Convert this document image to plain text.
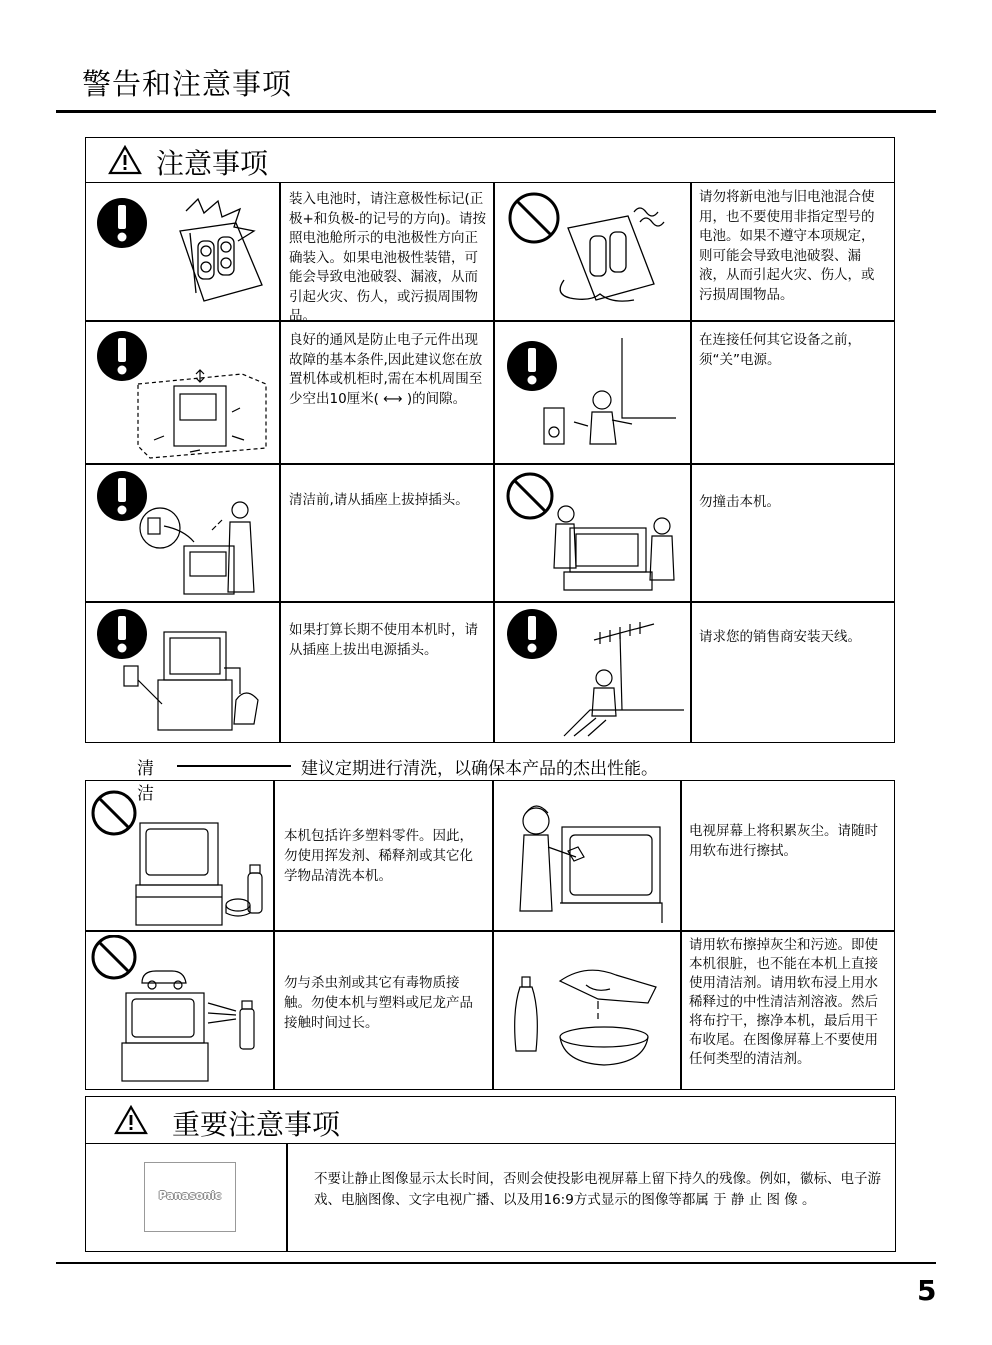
警告和注意事项
注意事项
装入电池时，请注意极性标记(正极+和负极-的记号的方向)。请按照电池舱所示的电池极性方向正确装入。如果电池极性装错，可能会导致电池破裂、漏液，从而引起火灾、伤人，或污损周围物品。
请勿将新电池与旧电池混合使用，也不要使用非指定型号的电池。如果不遵守本项规定，则可能会导致电池破裂、漏液，从而引起火灾、伤人，或污损周围物品。
良好的通风是防止电子元件出现故障的基本条件,因此建议您在放置机体或机柜时,需在本机周围至少空出10厘米( ⟷ )的间隙。
在连接任何其它设备之前，须“关”电源。
清洁前,请从插座上拔掉插头。	勿撞击本机。
如果打算长期不使用本机时，请从插座上拔出电源插头。
请求您的销售商安装天线。
清洁
建议定期进行清洗，以确保本产品的杰出性能。
本机包括许多塑料零件。因此，勿使用挥发剂、稀释剂或其它化学物品清洗本机。
电视屏幕上将积累灰尘。请随时用软布进行擦拭。
勿与杀虫剂或其它有毒物质接触。勿使本机与塑料或尼龙产品接触时间过长。
请用软布擦掉灰尘和污迹。即使本机很脏，也不能在本机上直接使用清洁剂。请用软布浸上用水稀释过的中性清洁剂溶液。然后将布拧干，擦净本机，最后用干布收尾。在图像屏幕上不要使用任何类型的清洁剂。
重要注意事项
Panasonic
不要让静止图像显示太长时间，否则会使投影电视屏幕上留下持久的残像。例如，徽标、电子游戏、电脑图像、文字电视广播、以及用16:9方式显示的图像等都属 于 静 止 图 像 。
5
